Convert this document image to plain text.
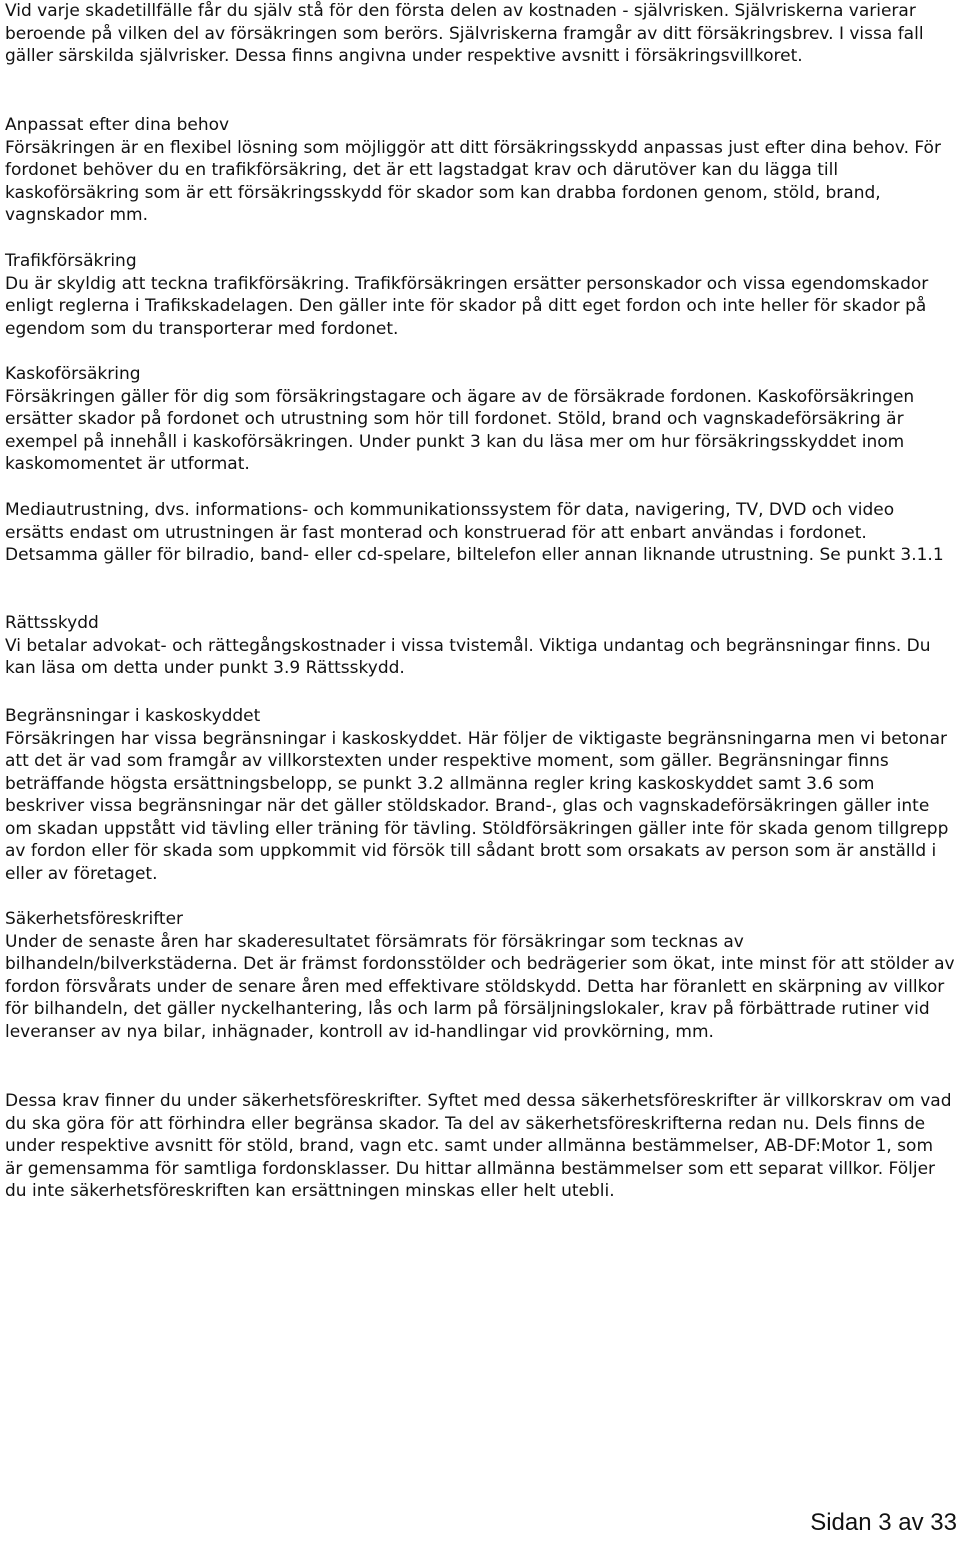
Vid varje skadetillfälle får du själv stå för den första delen av kostnaden - självrisken. Självriskerna varierar beroende på vilken del av försäkringen som berörs. Självriskerna framgår av ditt försäkringsbrev. I vissa fall gäller särskilda självrisker. Dessa finns angivna under respektive avsnitt i försäkringsvillkoret.

Anpassat efter dina behov

Försäkringen är en flexibel lösning som möjliggör att ditt försäkringsskydd anpassas just efter dina behov. För fordonet behöver du en trafikförsäkring, det är ett lagstadgat krav och därutöver kan du lägga till kaskoförsäkring som är ett försäkringsskydd för skador som kan drabba fordonen genom, stöld, brand, vagnskador mm.

Trafikförsäkring

Du är skyldig att teckna trafikförsäkring. Trafikförsäkringen ersätter personskador och vissa egendomskador enligt reglerna i Trafikskadelagen. Den gäller inte för skador på ditt eget fordon och inte heller för skador på egendom som du transporterar med fordonet.

Kaskoförsäkring

Försäkringen gäller för dig som försäkringstagare och ägare av de försäkrade fordonen. Kaskoförsäkringen ersätter skador på fordonet och utrustning som hör till fordonet. Stöld, brand och vagnskadeförsäkring är exempel på innehåll i kaskoförsäkringen. Under punkt 3 kan du läsa mer om hur försäkringsskyddet inom kaskomomentet är utformat.

Mediautrustning, dvs. informations- och kommunikationssystem för data, navigering, TV, DVD och video ersätts endast om utrustningen är fast monterad och konstruerad för att enbart användas i fordonet. Detsamma gäller för bilradio, band- eller cd-spelare, biltelefon eller annan liknande utrustning. Se punkt 3.1.1

Rättsskydd

Vi betalar advokat- och rättegångskostnader i vissa tvistemål. Viktiga undantag och begränsningar finns. Du kan läsa om detta under punkt 3.9 Rättsskydd.

Begränsningar i kaskoskyddet

Försäkringen har vissa begränsningar i kaskoskyddet. Här följer de viktigaste begränsningarna men vi betonar att det är vad som framgår av villkorstexten under respektive moment, som gäller. Begränsningar finns beträffande högsta ersättningsbelopp, se punkt 3.2 allmänna regler kring kaskoskyddet samt 3.6 som beskriver vissa begränsningar när det gäller stöldskador. Brand-, glas och vagnskadeförsäkringen gäller inte om skadan uppstått vid tävling eller träning för tävling. Stöldförsäkringen gäller inte för skada genom tillgrepp av fordon eller för skada som uppkommit vid försök till sådant brott som orsakats av person som är anställd i eller av företaget.

Säkerhetsföreskrifter

Under de senaste åren har skaderesultatet försämrats för försäkringar som tecknas av bilhandeln/bilverkstäderna. Det är främst fordonsstölder och bedrägerier som ökat, inte minst för att stölder av fordon försvårats under de senare åren med effektivare stöldskydd. Detta har föranlett en skärpning av villkor för bilhandeln, det gäller nyckelhantering, lås och larm på försäljningslokaler, krav på förbättrade rutiner vid leveranser av nya bilar, inhägnader, kontroll av id-handlingar vid provkörning, mm.

Dessa krav finner du under säkerhetsföreskrifter. Syftet med dessa säkerhetsföreskrifter är villkorskrav om vad du ska göra för att förhindra eller begränsa skador. Ta del av säkerhetsföreskrifterna redan nu. Dels finns de under respektive avsnitt för stöld, brand, vagn etc. samt under allmänna bestämmelser, AB-DF:Motor 1, som är gemensamma för samtliga fordonsklasser. Du hittar allmänna bestämmelser som ett separat villkor. Följer du inte säkerhetsföreskriften kan ersättningen minskas eller helt utebli.

Sidan 3 av 33
